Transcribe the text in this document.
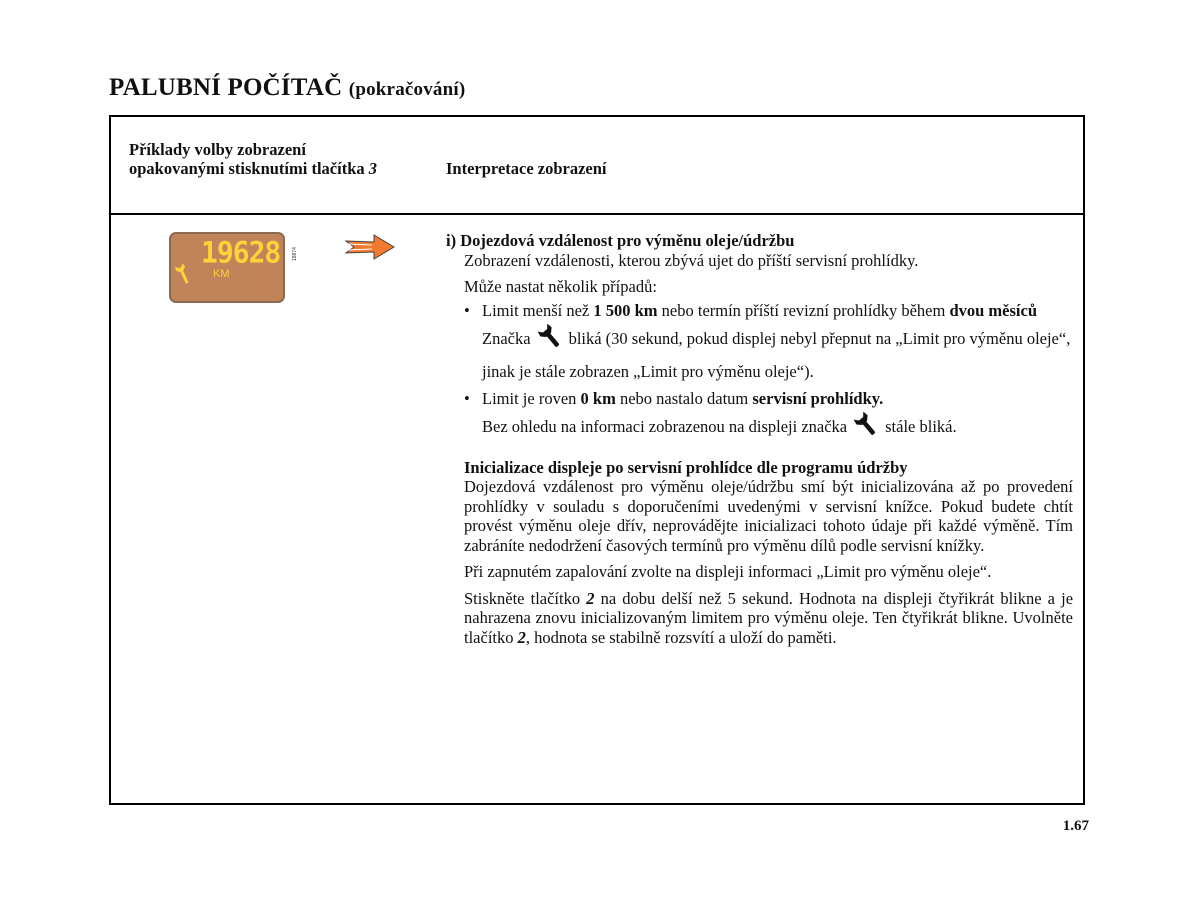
PALUBNÍ POČÍTAČ (pokračování)
Příklady volby zobrazení opakovanými stisknutími tlačítka 3	Interpretace zobrazení
19628
KM
18874

i) Dojezdová vzdálenost pro výměnu oleje/údržbu

Zobrazení vzdálenosti, kterou zbývá ujet do příští servisní prohlídky.

Může nastat několik případů:

• Limit menší než 1 500 km nebo termín příští revizní prohlídky během dvou měsíců Značka bliká (30 sekund, pokud displej nebyl přepnut na „Limit pro výměnu oleje“, jinak je stále zobrazen „Limit pro výměnu oleje“).

• Limit je roven 0 km nebo nastalo datum servisní prohlídky.
Bez ohledu na informaci zobrazenou na displeji značka stále bliká.

Inicializace displeje po servisní prohlídce dle programu údržby

Dojezdová vzdálenost pro výměnu oleje/údržbu smí být inicializována až po provedení prohlídky v souladu s doporučeními uvedenými v servisní knížce. Pokud budete chtít provést výměnu oleje dřív, neprovádějte inicializaci tohoto údaje při každé výměně. Tím zabráníte nedodržení časových termínů pro výměnu dílů podle servisní knížky.

Při zapnutém zapalování zvolte na displeji informaci „Limit pro výměnu oleje“.

Stiskněte tlačítko 2 na dobu delší než 5 sekund. Hodnota na displeji čtyřikrát blikne a je nahrazena znovu inicializovaným limitem pro výměnu oleje. Ten čtyřikrát blikne. Uvolněte tlačítko 2, hodnota se stabilně rozsvítí a uloží do paměti.

1.67
